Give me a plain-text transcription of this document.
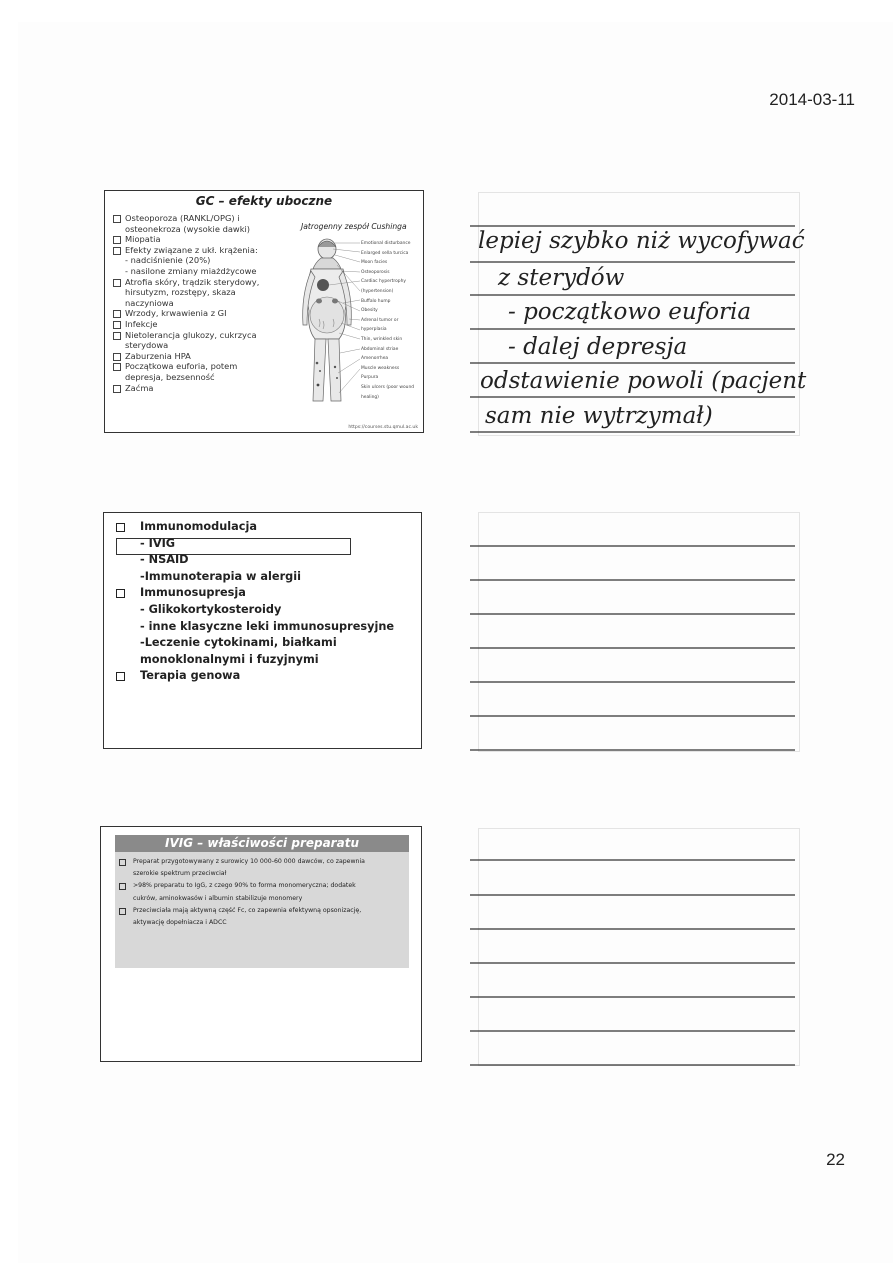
2014-03-11
GC – efekty uboczne
Osteoporoza (RANKL/OPG) i
osteonekroza (wysokie dawki)
Miopatia
Efekty związane z ukł. krążenia:
- nadciśnienie (20%)
- nasilone zmiany miażdżycowe
Atrofia skóry, trądzik sterydowy,
hirsutyzm, rozstępy, skaza
naczyniowa
Wrzody, krwawienia z GI
Infekcje
Nietolerancja glukozy, cukrzyca
sterydowa
Zaburzenia HPA
Początkowa euforia, potem
depresja, bezsenność
Zaćma
Jatrogenny zespół Cushinga
Emotional disturbance
Enlarged sella turcica
Moon facies
Osteoporosis
Cardiac hypertrophy (hypertension)
Buffalo hump
Obesity
Adrenal tumor or hyperplasia
Thin, wrinkled skin
Abdominal striae
Amenorrhea
Muscle weakness
Purpura
Skin ulcers (poor wound healing)
https://courses.stu.qmul.ac.uk
Immunomodulacja
- IVIG
- NSAID
-Immunoterapia w alergii
Immunosupresja
- Glikokortykosteroidy
- inne klasyczne leki immunosupresyjne
-Leczenie cytokinami, białkami
monoklonalnymi i fuzyjnymi
Terapia genowa
IVIG – właściwości preparatu
Preparat przygotowywany z surowicy 10 000-60 000 dawców, co zapewnia
szerokie spektrum przeciwciał
>98% preparatu to IgG, z czego 90% to forma monomeryczna; dodatek
cukrów, aminokwasów i albumin stabilizuje monomery
Przeciwciała mają aktywną część Fc, co zapewnia efektywną opsonizację,
aktywację dopełniacza i ADCC
lepiej szybko niż wycofywać
z sterydów
- początkowo euforia
- dalej depresja
odstawienie powoli (pacjent
sam nie wytrzymał)
22
